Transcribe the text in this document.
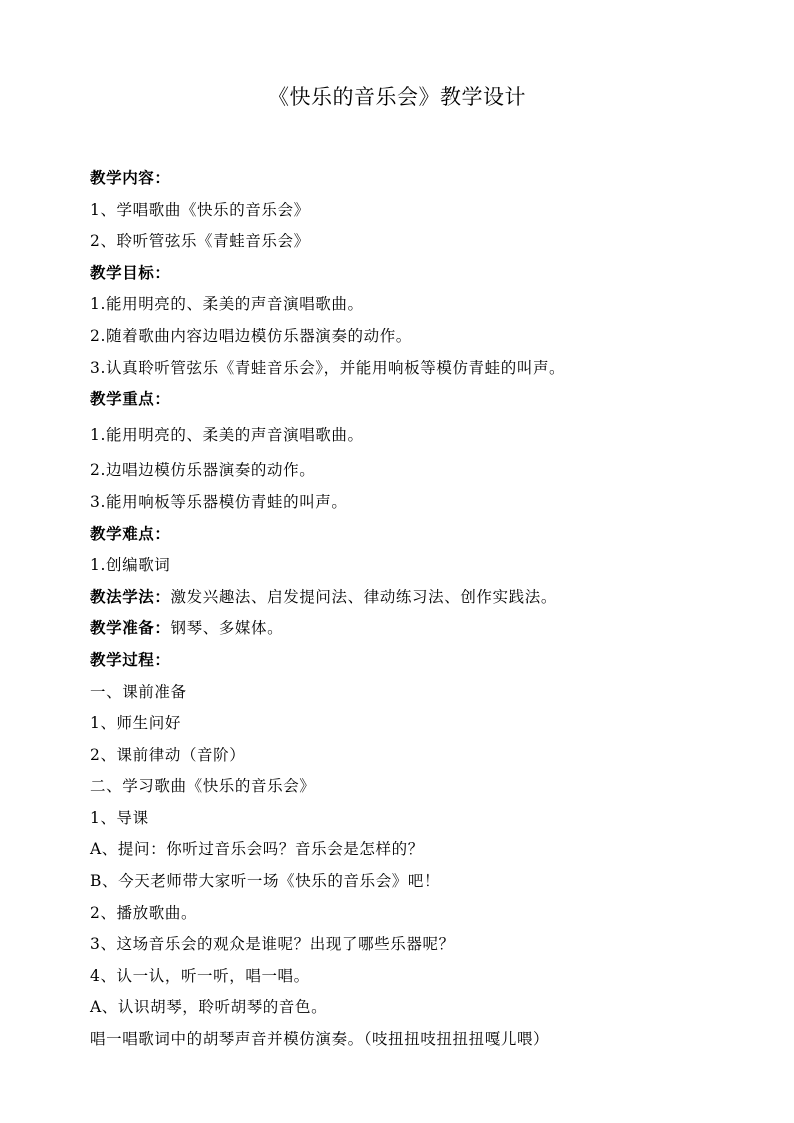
《快乐的音乐会》教学设计
教学内容：
1、学唱歌曲《快乐的音乐会》
2、聆听管弦乐《青蛙音乐会》
教学目标：
1.能用明亮的、柔美的声音演唱歌曲。
2.随着歌曲内容边唱边模仿乐器演奏的动作。
3.认真聆听管弦乐《青蛙音乐会》，并能用响板等模仿青蛙的叫声。
教学重点：
1.能用明亮的、柔美的声音演唱歌曲。
2.边唱边模仿乐器演奏的动作。
3.能用响板等乐器模仿青蛙的叫声。
教学难点：
1.创编歌词
教法学法：激发兴趣法、启发提问法、律动练习法、创作实践法。
教学准备：钢琴、多媒体。
教学过程：
一、课前准备
1、师生问好
2、课前律动（音阶）
二、学习歌曲《快乐的音乐会》
1、导课
A、提问：你听过音乐会吗？音乐会是怎样的？
B、今天老师带大家听一场《快乐的音乐会》吧！
2、播放歌曲。
3、这场音乐会的观众是谁呢？出现了哪些乐器呢？
4、认一认，听一听，唱一唱。
A、认识胡琴，聆听胡琴的音色。
唱一唱歌词中的胡琴声音并模仿演奏。（吱扭扭吱扭扭扭嘎儿喂）
